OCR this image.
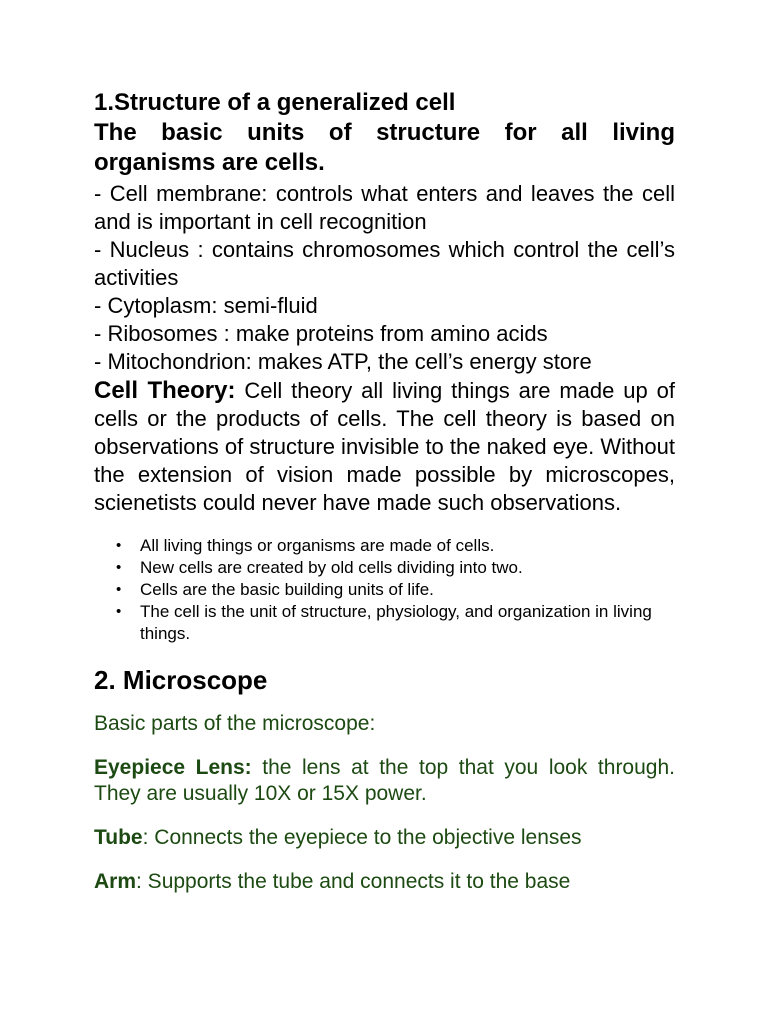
1.Structure of a generalized cell

The basic units of structure for all living organisms are cells.

- Cell membrane: controls what enters and leaves the cell and is important in cell recognition

- Nucleus : contains chromosomes which control the cell’s activities

- Cytoplasm: semi-fluid

- Ribosomes : make proteins from amino acids

- Mitochondrion: makes ATP, the cell’s energy store

Cell Theory: Cell theory all living things are made up of cells or the products of cells. The cell theory is based on observations of structure invisible to the naked eye. Without the extension of vision made possible by microscopes, scienetists could never have made such observations.

• All living things or organisms are made of cells.
• New cells are created by old cells dividing into two.
• Cells are the basic building units of life.
• The cell is the unit of structure, physiology, and organization in living things.
2. Microscope

Basic parts of the microscope:

Eyepiece Lens: the lens at the top that you look through. They are usually 10X or 15X power.

Tube: Connects the eyepiece to the objective lenses

Arm: Supports the tube and connects it to the base
